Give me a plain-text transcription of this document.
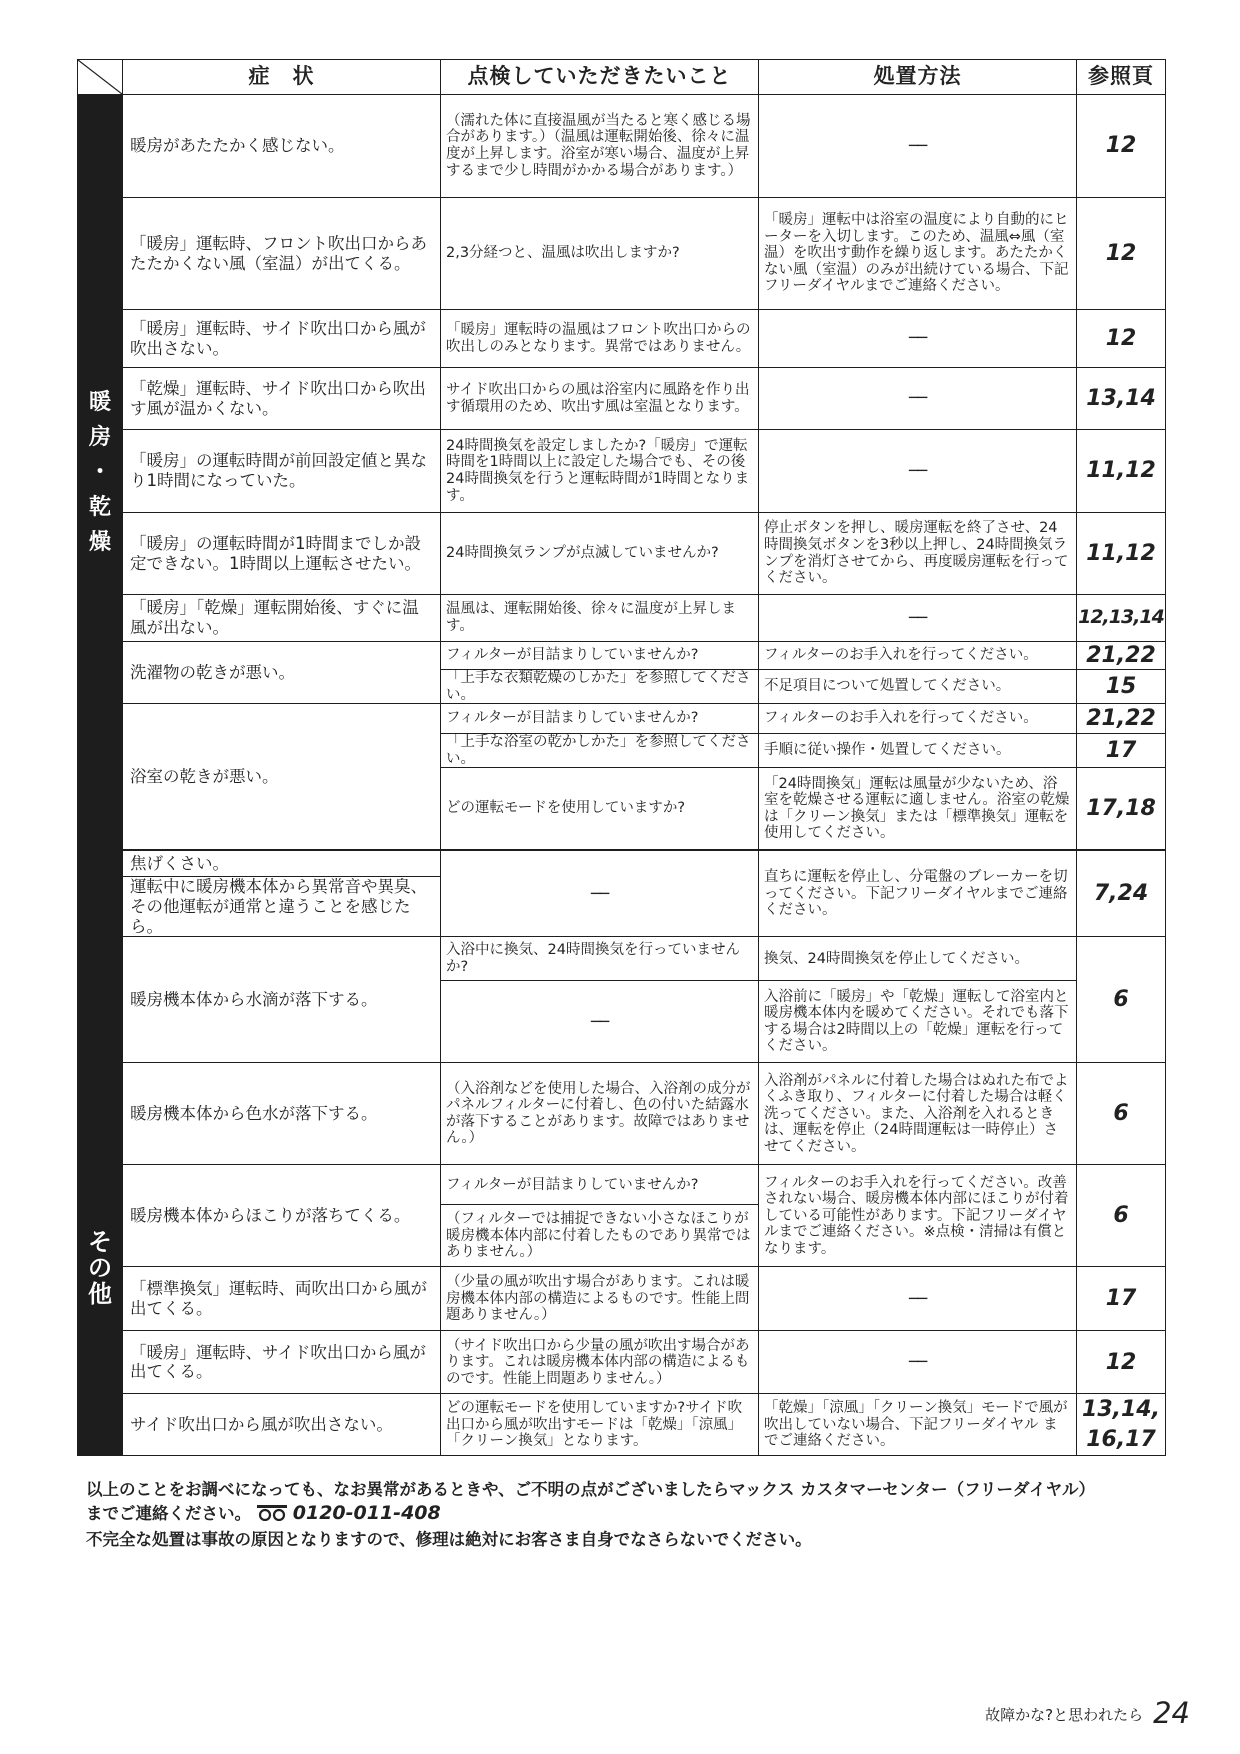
	症　状	点検していただきたいこと	処置方法	参照頁

暖
房
・
乾
燥	暖房があたたかく感じない。	（濡れた体に直接温風が当たると寒く感じる場合があります。）（温風は運転開始後、徐々に温度が上昇します。浴室が寒い場合、温度が上昇するまで少し時間がかかる場合があります。）	──	12
	「暖房」運転時、フロント吹出口からあたたかくない風（室温）が出てくる。	2,3分経つと、温風は吹出しますか?	「暖房」運転中は浴室の温度により自動的にヒーターを入切します。このため、温風⇔風（室温）を吹出す動作を繰り返します。あたたかくない風（室温）のみが出続けている場合、下記フリーダイヤルまでご連絡ください。	12
	「暖房」運転時、サイド吹出口から風が吹出さない。	「暖房」運転時の温風はフロント吹出口からの吹出しのみとなります。異常ではありません。	──	12
	「乾燥」運転時、サイド吹出口から吹出す風が温かくない。	サイド吹出口からの風は浴室内に風路を作り出す循環用のため、吹出す風は室温となります。	──	13,14
	「暖房」の運転時間が前回設定値と異なり1時間になっていた。	24時間換気を設定しましたか?「暖房」で運転時間を1時間以上に設定した場合でも、その後24時間換気を行うと運転時間が1時間となります。	──	11,12
	「暖房」の運転時間が1時間までしか設定できない。1時間以上運転させたい。	24時間換気ランプが点滅していませんか?	停止ボタンを押し、暖房運転を終了させ、24時間換気ボタンを3秒以上押し、24時間換気ランプを消灯させてから、再度暖房運転を行ってください。	11,12
	「暖房」「乾燥」運転開始後、すぐに温風が出ない。	温風は、運転開始後、徐々に温度が上昇します。	──	12,13,14
	洗濯物の乾きが悪い。	フィルターが目詰まりしていませんか?	フィルターのお手入れを行ってください。	21,22
		「上手な衣類乾燥のしかた」を参照してください。	不足項目について処置してください。	15
	浴室の乾きが悪い。	フィルターが目詰まりしていませんか?	フィルターのお手入れを行ってください。	21,22
		「上手な浴室の乾かしかた」を参照してください。	手順に従い操作・処置してください。	17
		どの運転モードを使用していますか?	「24時間換気」運転は風量が少ないため、浴室を乾燥させる運転に適しません。浴室の乾燥は「クリーン換気」または「標準換気」運転を使用してください。	17,18

そ
の
他	焦げくさい。	──	直ちに運転を停止し、分電盤のブレーカーを切ってください。下記フリーダイヤルまでご連絡ください。	7,24
	運転中に暖房機本体から異常音や異臭、その他運転が通常と違うことを感じたら。			
	暖房機本体から水滴が落下する。	入浴中に換気、24時間換気を行っていませんか?	換気、24時間換気を停止してください。	6
		──	入浴前に「暖房」や「乾燥」運転して浴室内と暖房機本体内を暖めてください。それでも落下する場合は2時間以上の「乾燥」運転を行ってください。	
	暖房機本体から色水が落下する。	（入浴剤などを使用した場合、入浴剤の成分がパネルフィルターに付着し、色の付いた結露水が落下することがあります。故障ではありません。）	入浴剤がパネルに付着した場合はぬれた布でよくふき取り、フィルターに付着した場合は軽く洗ってください。また、入浴剤を入れるときは、運転を停止（24時間運転は一時停止）させてください。	6
	暖房機本体からほこりが落ちてくる。	フィルターが目詰まりしていませんか?	フィルターのお手入れを行ってください。改善されない場合、暖房機本体内部にほこりが付着している可能性があります。下記フリーダイヤルまでご連絡ください。※点検・清掃は有償となります。	6
		（フィルターでは捕捉できない小さなほこりが暖房機本体内部に付着したものであり異常ではありません。）		
	「標準換気」運転時、両吹出口から風が出てくる。	（少量の風が吹出す場合があります。これは暖房機本体内部の構造によるものです。性能上問題ありません。）	──	17
	「暖房」運転時、サイド吹出口から風が出てくる。	（サイド吹出口から少量の風が吹出す場合があります。これは暖房機本体内部の構造によるものです。性能上問題ありません。）	──	12
	サイド吹出口から風が吹出さない。	どの運転モードを使用していますか?サイド吹出口から風が吹出すモードは「乾燥」「涼風」「クリーン換気」となります。	「乾燥」「涼風」「クリーン換気」モードで風が吹出していない場合、下記フリーダイヤル までご連絡ください。	13,14,
16,17
以上のことをお調べになっても、なお異常があるときや、ご不明の点がございましたらマックス カスタマーセンター（フリーダイヤル）
までご連絡ください。 0120-011-408
不完全な処置は事故の原因となりますので、修理は絶対にお客さま自身でなさらないでください。
故障かな?と思われたら 24
